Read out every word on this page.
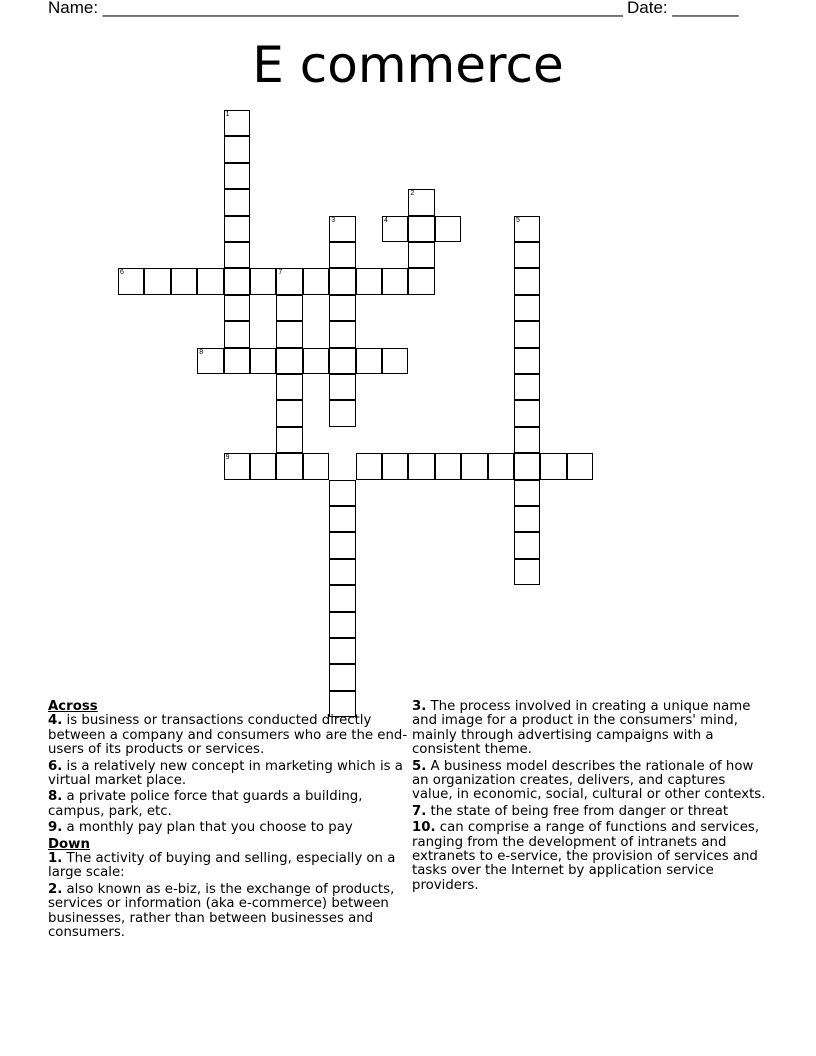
Name: _______________________________________________________ Date: _______
E commerce
1
2
4
3	5
6	7
8
9
Across
4. is business or transactions conducted directly between a company and consumers who are the end-users of its products or services.
6. is a relatively new concept in marketing which is a virtual market place.
8. a private police force that guards a building, campus, park, etc.
9. a monthly pay plan that you choose to pay
Down
1. The activity of buying and selling, especially on a large scale:
2. also known as e-biz, is the exchange of products, services or information (aka e-commerce) between businesses, rather than between businesses and consumers.
3. The process involved in creating a unique name and image for a product in the consumers' mind, mainly through advertising campaigns with a consistent theme.
5. A business model describes the rationale of how an organization creates, delivers, and captures value, in economic, social, cultural or other contexts.
7. the state of being free from danger or threat
10. can comprise a range of functions and services, ranging from the development of intranets and extranets to e-service, the provision of services and tasks over the Internet by application service providers.
